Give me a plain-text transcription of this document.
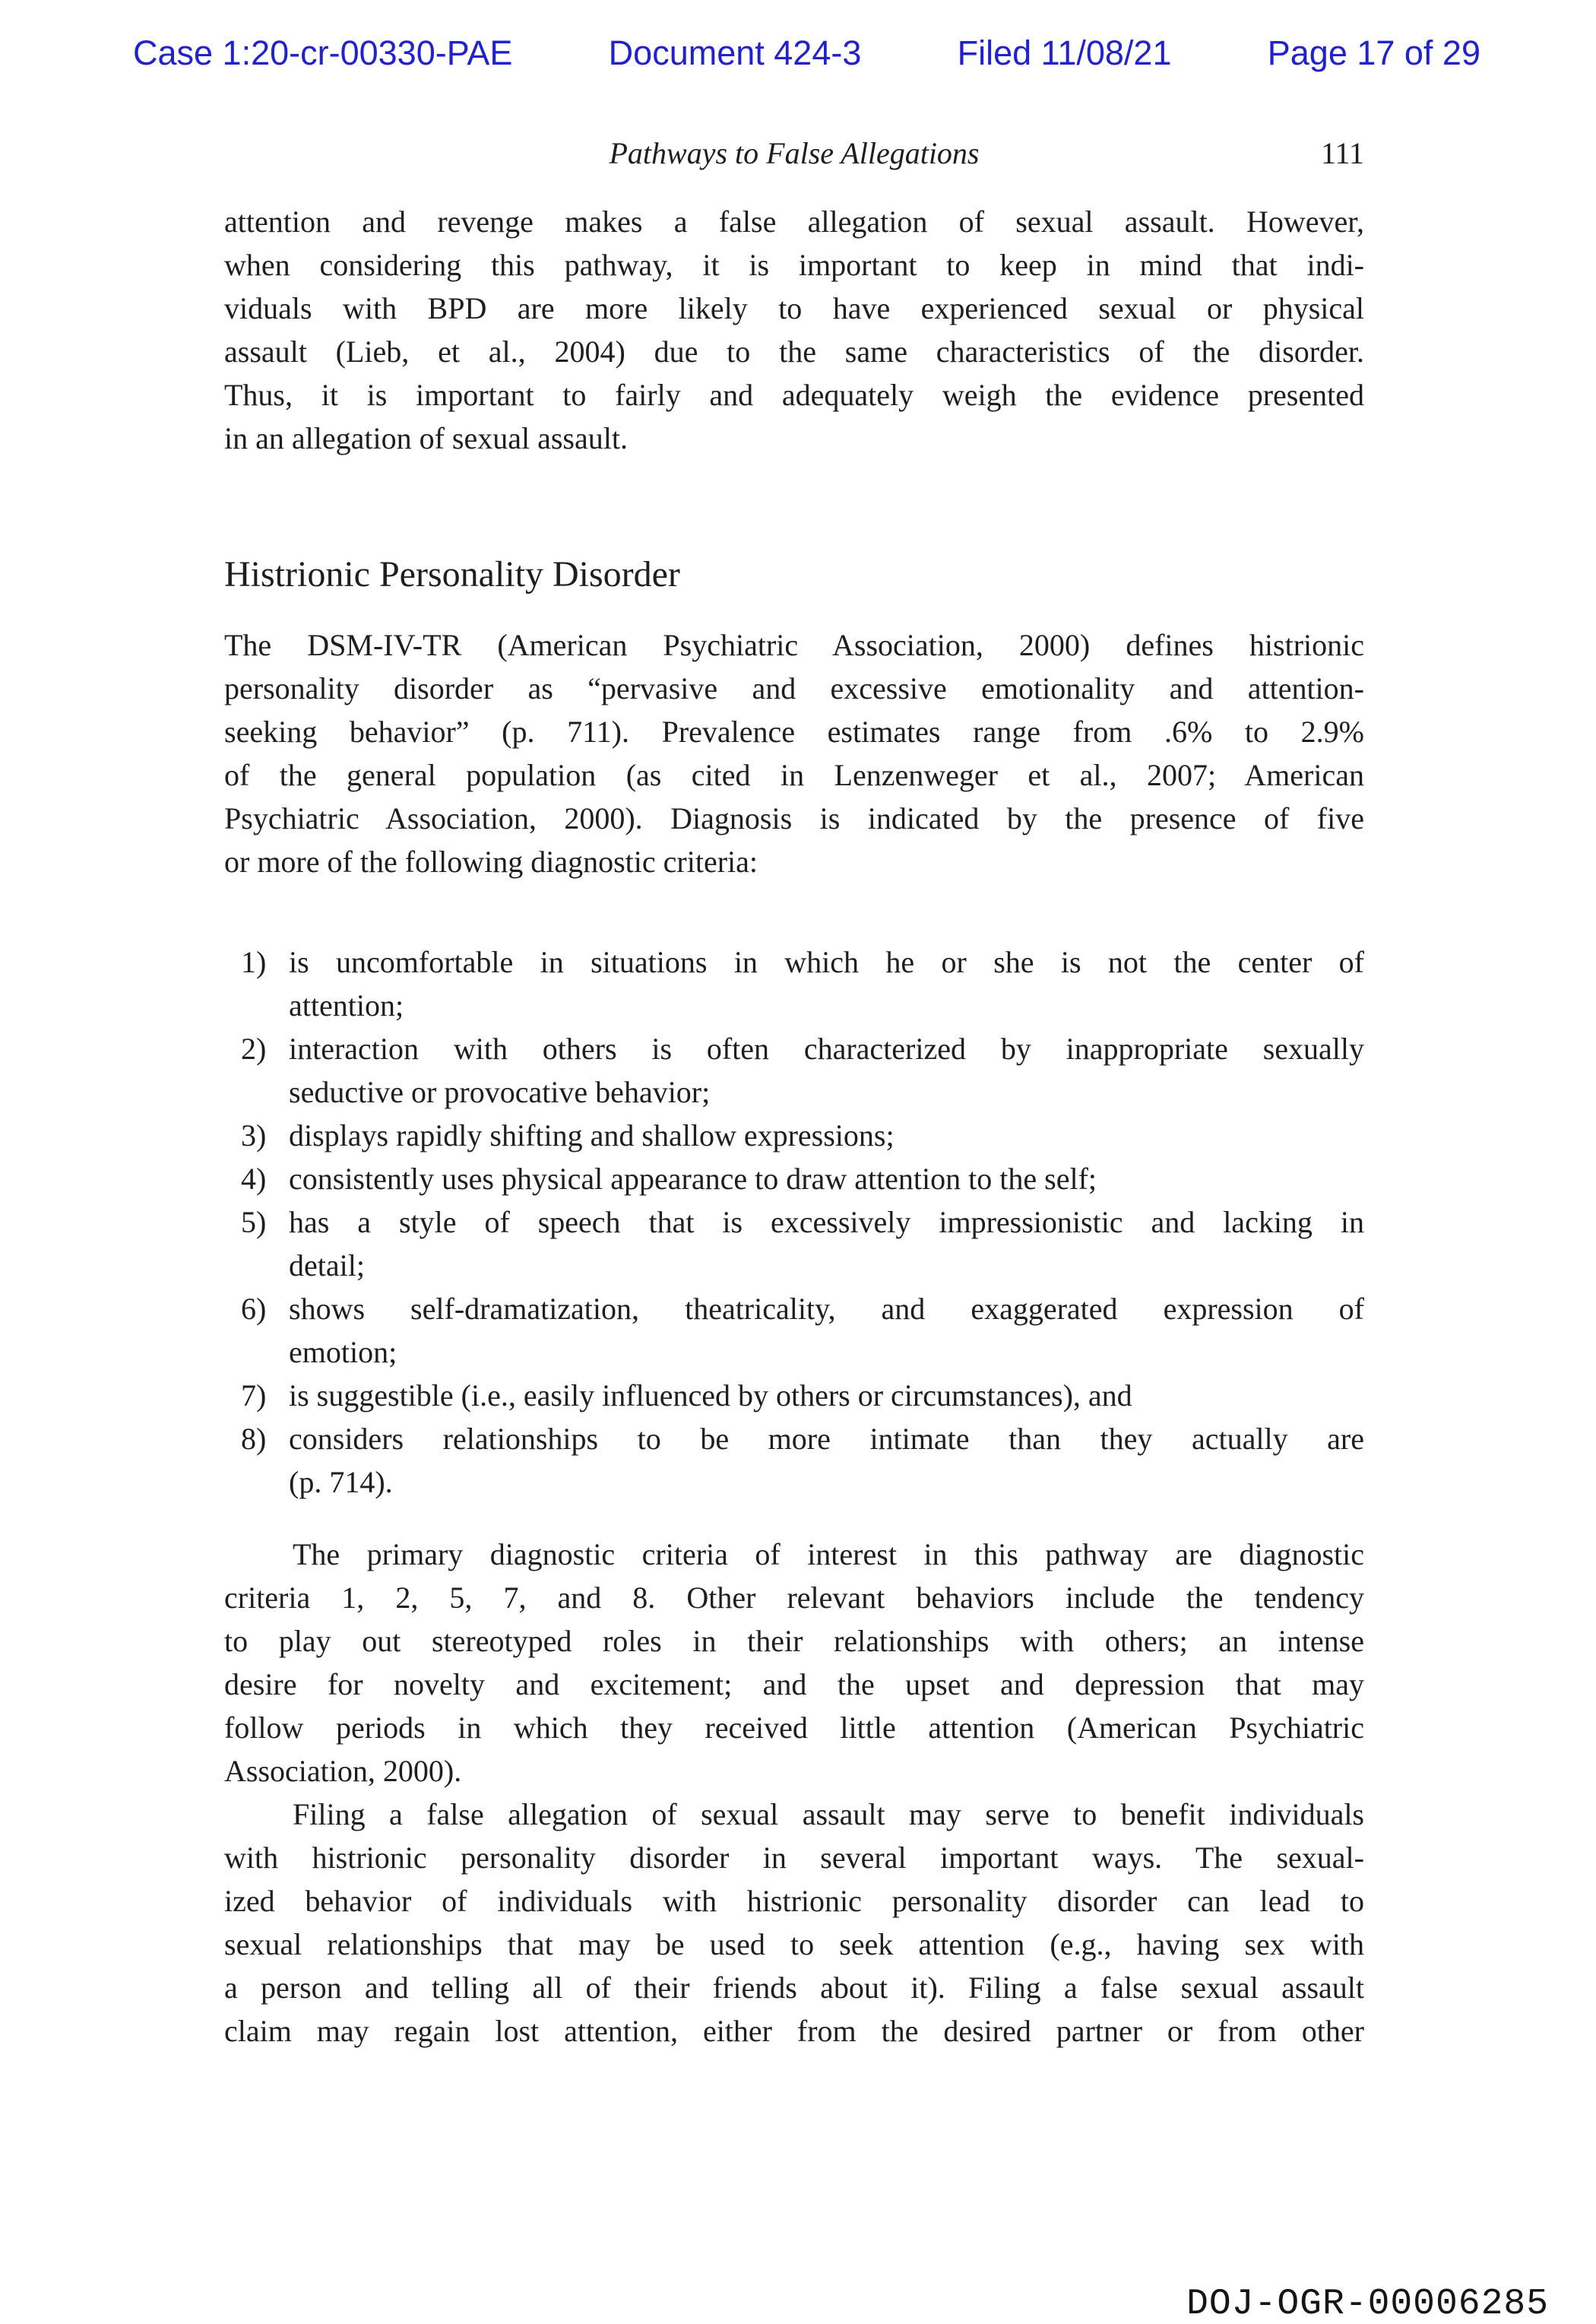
Case 1:20-cr-00330-PAE	Document 424-3	Filed 11/08/21	Page 17 of 29
Pathways to False Allegations	111
attention and revenge makes a false allegation of sexual assault. However,
when considering this pathway, it is important to keep in mind that indi-
viduals with BPD are more likely to have experienced sexual or physical
assault (Lieb, et al., 2004) due to the same characteristics of the disorder.
Thus, it is important to fairly and adequately weigh the evidence presented
in an allegation of sexual assault.
Histrionic Personality Disorder
The DSM-IV-TR (American Psychiatric Association, 2000) defines histrionic
personality disorder as “pervasive and excessive emotionality and attention-
seeking behavior” (p. 711). Prevalence estimates range from .6% to 2.9%
of the general population (as cited in Lenzenweger et al., 2007; American
Psychiatric Association, 2000). Diagnosis is indicated by the presence of five
or more of the following diagnostic criteria:
1) is uncomfortable in situations in which he or she is not the center of
attention;
2) interaction with others is often characterized by inappropriate sexually
seductive or provocative behavior;
3) displays rapidly shifting and shallow expressions;
4) consistently uses physical appearance to draw attention to the self;
5) has a style of speech that is excessively impressionistic and lacking in
detail;
6) shows self-dramatization, theatricality, and exaggerated expression of
emotion;
7) is suggestible (i.e., easily influenced by others or circumstances), and
8) considers relationships to be more intimate than they actually are
(p. 714).
The primary diagnostic criteria of interest in this pathway are diagnostic
criteria 1, 2, 5, 7, and 8. Other relevant behaviors include the tendency
to play out stereotyped roles in their relationships with others; an intense
desire for novelty and excitement; and the upset and depression that may
follow periods in which they received little attention (American Psychiatric
Association, 2000).
Filing a false allegation of sexual assault may serve to benefit individuals
with histrionic personality disorder in several important ways. The sexual-
ized behavior of individuals with histrionic personality disorder can lead to
sexual relationships that may be used to seek attention (e.g., having sex with
a person and telling all of their friends about it). Filing a false sexual assault
claim may regain lost attention, either from the desired partner or from other
DOJ-OGR-00006285
